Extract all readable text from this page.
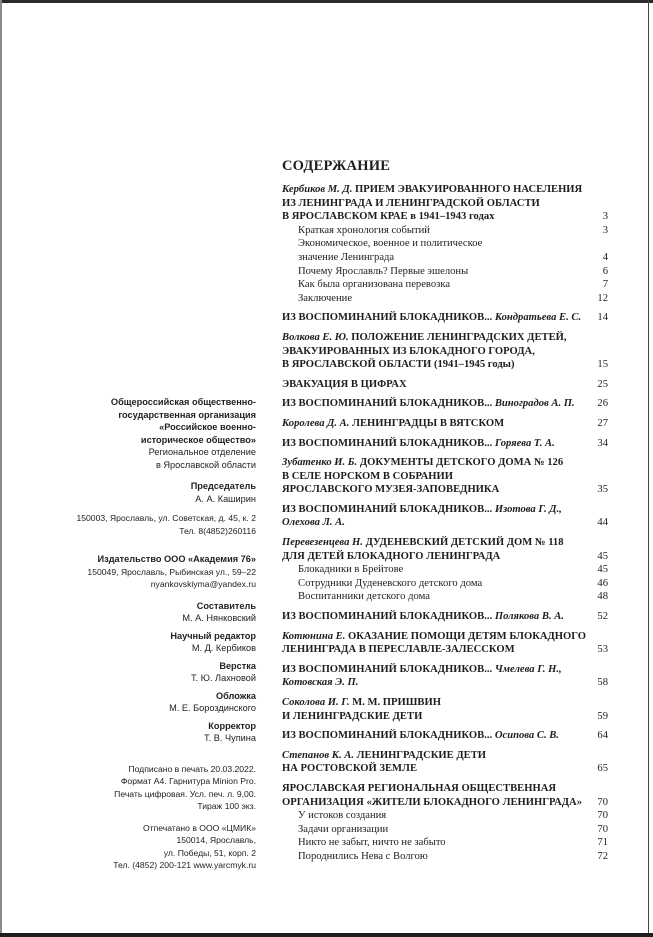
Общероссийская общественно-
государственная организация
«Российское военно-
историческое общество»
Региональное отделение
в Ярославской области
Председатель
А. А. Каширин
150003, Ярославль, ул. Советская, д. 45, к. 2
Тел. 8(4852)260116
Издательство ООО «Академия 76»
150049, Ярославль, Рыбинская ул., 59–22
nyankovskiyma@yandex.ru
Составитель
М. А. Нянковский
Научный редактор
М. Д. Кербиков
Верстка
Т. Ю. Лахновой
Обложка
М. Е. Бороздинского
Корректор
Т. В. Чупина
Подписано в печать 20.03.2022.
Формат А4. Гарнитура Minion Pro.
Печать цифровая. Усл. печ. л. 9,00.
Тираж 100 экз.
Отпечатано в ООО «ЦМИК»
150014, Ярославль,
ул. Победы, 51, корп. 2
Тел. (4852) 200-121 www.yarcmyk.ru
СОДЕРЖАНИЕ
Кербиков М. Д. ПРИЕМ ЭВАКУИРОВАННОГО НАСЕЛЕНИЯ
ИЗ ЛЕНИНГРАДА И ЛЕНИНГРАДСКОЙ ОБЛАСТИ
В ЯРОСЛАВСКОМ КРАЕ в 1941–1943 годах	3
Краткая хронология событий	3
Экономическое, военное и политическое
значение Ленинграда	4
Почему Ярославль? Первые эшелоны	6
Как была организована перевозка	7
Заключение	12
ИЗ ВОСПОМИНАНИЙ БЛОКАДНИКОВ... Кондратьева Е. С. 14
Волкова Е. Ю. ПОЛОЖЕНИЕ ЛЕНИНГРАДСКИХ ДЕТЕЙ,
ЭВАКУИРОВАННЫХ ИЗ БЛОКАДНОГО ГОРОДА,
В ЯРОСЛАВСКОЙ ОБЛАСТИ (1941–1945 годы)	15
ЭВАКУАЦИЯ В ЦИФРАХ	25
ИЗ ВОСПОМИНАНИЙ БЛОКАДНИКОВ... Виноградов А. П. 26
Королева Д. А. ЛЕНИНГРАДЦЫ В ВЯТСКОМ	27
ИЗ ВОСПОМИНАНИЙ БЛОКАДНИКОВ... Горяева Т. А.	34
Зубатенко И. Б. ДОКУМЕНТЫ ДЕТСКОГО ДОМА № 126
В СЕЛЕ НОРСКОМ В СОБРАНИИ
ЯРОСЛАВСКОГО МУЗЕЯ-ЗАПОВЕДНИКА	35
ИЗ ВОСПОМИНАНИЙ БЛОКАДНИКОВ... Изотова Г. Д.,
Олехова Л. А.	44
Перевезенцева Н. ДУДЕНЕВСКИЙ ДЕТСКИЙ ДОМ № 118
ДЛЯ ДЕТЕЙ БЛОКАДНОГО ЛЕНИНГРАДА	45
Блокадники в Брейтове	45
Сотрудники Дуденевского детского дома	46
Воспитанники детского дома	48
ИЗ ВОСПОМИНАНИЙ БЛОКАДНИКОВ... Полякова В. А.	52
Котюнина Е. ОКАЗАНИЕ ПОМОЩИ ДЕТЯМ БЛОКАДНОГО
ЛЕНИНГРАДА В ПЕРЕСЛАВЛЕ-ЗАЛЕССКОМ	53
ИЗ ВОСПОМИНАНИЙ БЛОКАДНИКОВ... Чмелева Г. Н.,
Котовская Э. П.	58
Соколова И. Г. М. М. ПРИШВИН
И ЛЕНИНГРАДСКИЕ ДЕТИ	59
ИЗ ВОСПОМИНАНИЙ БЛОКАДНИКОВ... Осипова С. В.	64
Степанов К. А. ЛЕНИНГРАДСКИЕ ДЕТИ
НА РОСТОВСКОЙ ЗЕМЛЕ	65
ЯРОСЛАВСКАЯ РЕГИОНАЛЬНАЯ ОБЩЕСТВЕННАЯ
ОРГАНИЗАЦИЯ «ЖИТЕЛИ БЛОКАДНОГО ЛЕНИНГРАДА» 70
У истоков создания	70
Задачи организации	70
Никто не забыт, ничто не забыто	71
Породнились Нева с Волгою	72
